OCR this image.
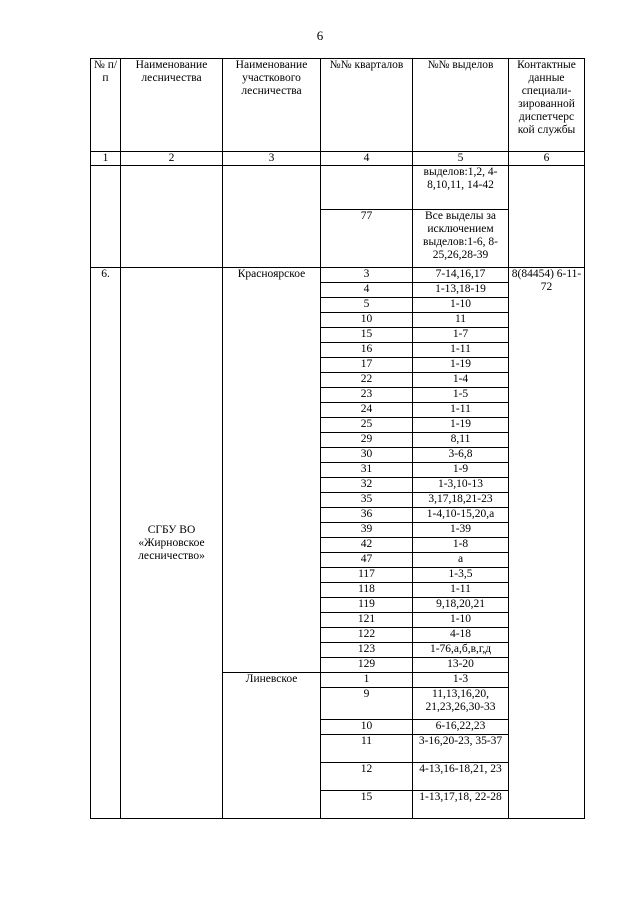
6
№ п/п	Наименование лесничества	Наименование участкового лесничества	№№ кварталов	№№ выделов	Контактные данные специали-зированной диспетчерс кой службы
1	2	3	4	5	6
				выделов:1,2, 4-8,10,11, 14-42	
			77	Все выделы за исключением выделов:1-6, 8-25,26,28-39	
6.	СГБУ ВО «Жирновское лесничество»	Красноярское	3	7-14,16,17	8(84454) 6-11-72
			4	1-13,18-19	
			5	1-10	
			10	11	
			15	1-7	
			16	1-11	
			17	1-19	
			22	1-4	
			23	1-5	
			24	1-11	
			25	1-19	
			29	8,11	
			30	3-6,8	
			31	1-9	
			32	1-3,10-13	
			35	3,17,18,21-23	
			36	1-4,10-15,20,а	
			39	1-39	
			42	1-8	
			47	а	
			117	1-3,5	
			118	1-11	
			119	9,18,20,21	
			121	1-10	
			122	4-18	
			123	1-76,а,б,в,г,д	
			129	13-20	
		Линевское	1	1-3	
			9	11,13,16,20, 21,23,26,30-33	
			10	6-16,22,23	
			11	3-16,20-23, 35-37	
			12	4-13,16-18,21, 23	
			15	1-13,17,18, 22-28	
